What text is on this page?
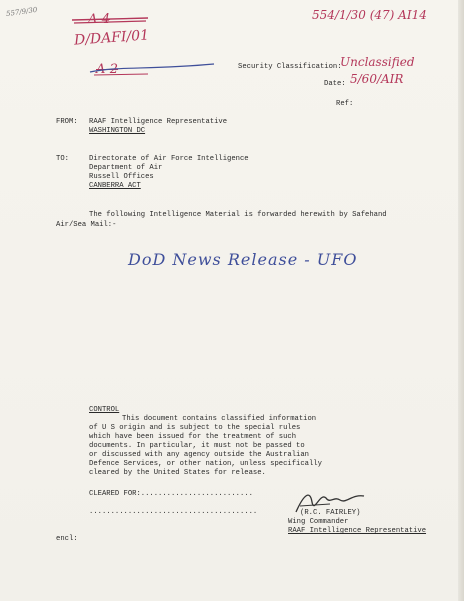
557/9/30
A-4
D/DAFI/01
A-2
554/1/30 (47) AI14
Security Classification:
Unclassified
Date: 5/60/AIR
Ref:
FROM: RAAF Intelligence Representative
WASHINGTON DC
TO:	Directorate of Air Force Intelligence
Department of Air
Russell Offices
CANBERRA ACT
The following Intelligence Material is forwarded herewith by Safehand
Air/Sea Mail:-
DoD News Release - UFO
CONTROL
This document contains classified information
of U S origin and is subject to the special rules
which have been issued for the treatment of such
documents. In particular, it must not be passed to
or discussed with any agency outside the Australian
Defence Services, or other nation, unless specifically
cleared by the United States for release.
CLEARED FOR:..........................
.......................................	(R.C. FAIRLEY)
Wing Commander
RAAF Intelligence Representative
encl:
